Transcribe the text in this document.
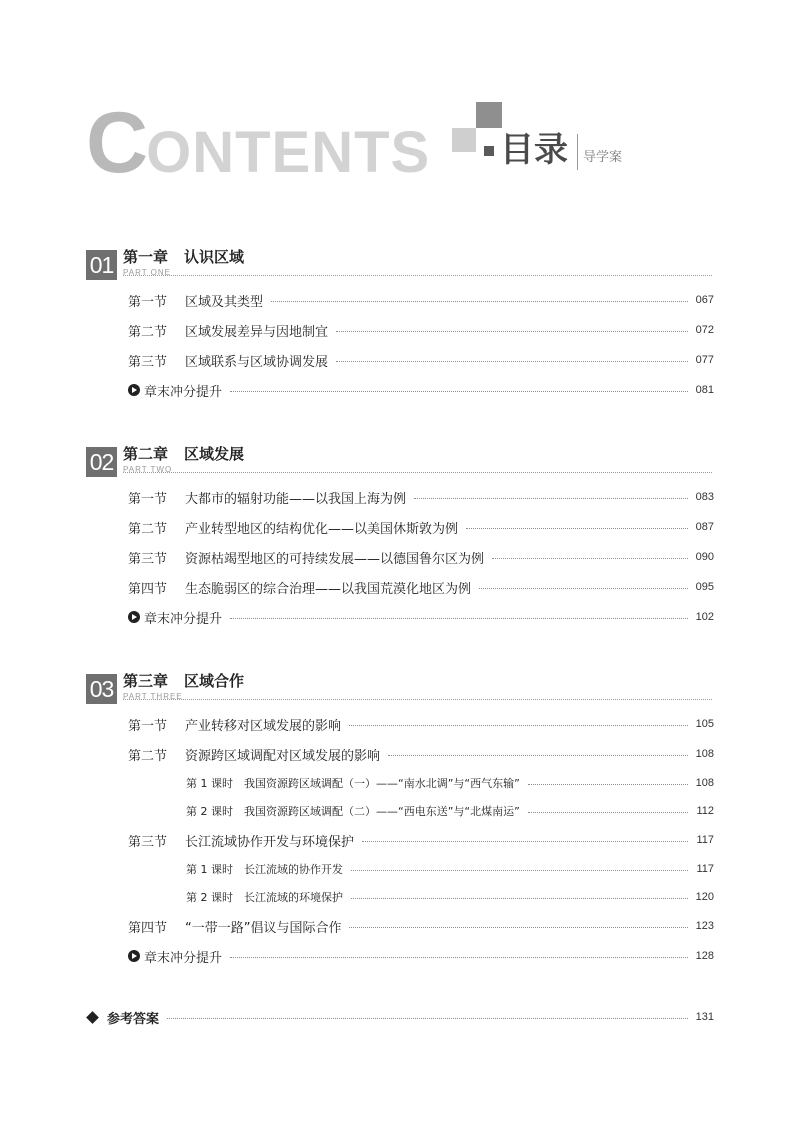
CONTENTS 目录 导学案
01 第一章 认识区域
PART ONE
第一节	区域及其类型	067
第二节	区域发展差异与因地制宜	072
第三节	区域联系与区域协调发展	077
章末冲分提升	081
02 第二章 区域发展
PART TWO
第一节	大都市的辐射功能——以我国上海为例	083
第二节	产业转型地区的结构优化——以美国休斯敦为例	087
第三节	资源枯竭型地区的可持续发展——以德国鲁尔区为例	090
第四节	生态脆弱区的综合治理——以我国荒漠化地区为例	095
章末冲分提升	102
03 第三章 区域合作
PART THREE
第一节	产业转移对区域发展的影响	105
第二节	资源跨区域调配对区域发展的影响	108
第 1 课时	我国资源跨区域调配（一）——“南水北调”与“西气东输”	108
第 2 课时	我国资源跨区域调配（二）——“西电东送”与“北煤南运”	112
第三节	长江流域协作开发与环境保护	117
第 1 课时	长江流域的协作开发	117
第 2 课时	长江流域的环境保护	120
第四节	“一带一路”倡议与国际合作	123
章末冲分提升	128
参考答案	131
